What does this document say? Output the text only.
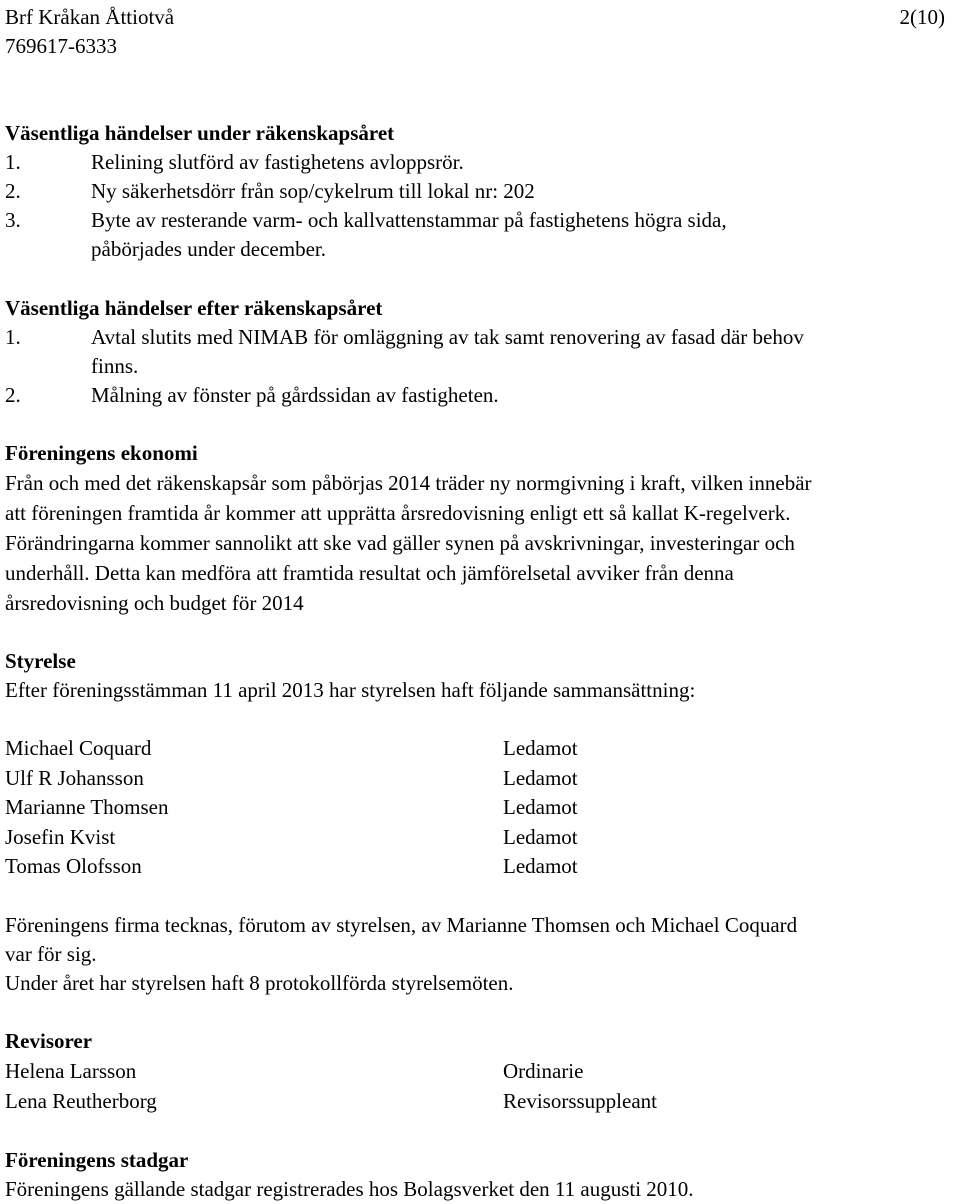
Brf Kråkan Åttiotvå	2(10)
769617-6333
Väsentliga händelser under räkenskapsåret
1.	Relining slutförd av fastighetens avloppsrör.
2.	Ny säkerhetsdörr från sop/cykelrum till lokal nr: 202
3.	Byte av resterande varm- och kallvattenstammar på fastighetens högra sida,
påbörjades under december.
Väsentliga händelser efter räkenskapsåret
1.	Avtal slutits med NIMAB för omläggning av tak samt renovering av fasad där behov
finns.
2.	Målning av fönster på gårdssidan av fastigheten.
Föreningens ekonomi
Från och med det räkenskapsår som påbörjas 2014 träder ny normgivning i kraft, vilken innebär
att föreningen framtida år kommer att upprätta årsredovisning enligt ett så kallat K-regelverk.
Förändringarna kommer sannolikt att ske vad gäller synen på avskrivningar, investeringar och
underhåll. Detta kan medföra att framtida resultat och jämförelsetal avviker från denna
årsredovisning och budget för 2014
Styrelse
Efter föreningsstämman 11 april 2013 har styrelsen haft följande sammansättning:
Michael Coquard	Ledamot
Ulf R Johansson	Ledamot
Marianne Thomsen	Ledamot
Josefin Kvist	Ledamot
Tomas Olofsson	Ledamot
Föreningens firma tecknas, förutom av styrelsen, av Marianne Thomsen och Michael Coquard
var för sig.
Under året har styrelsen haft 8 protokollförda styrelsemöten.
Revisorer
Helena Larsson	Ordinarie
Lena Reutherborg	Revisorssuppleant
Föreningens stadgar
Föreningens gällande stadgar registrerades hos Bolagsverket den 11 augusti 2010.
